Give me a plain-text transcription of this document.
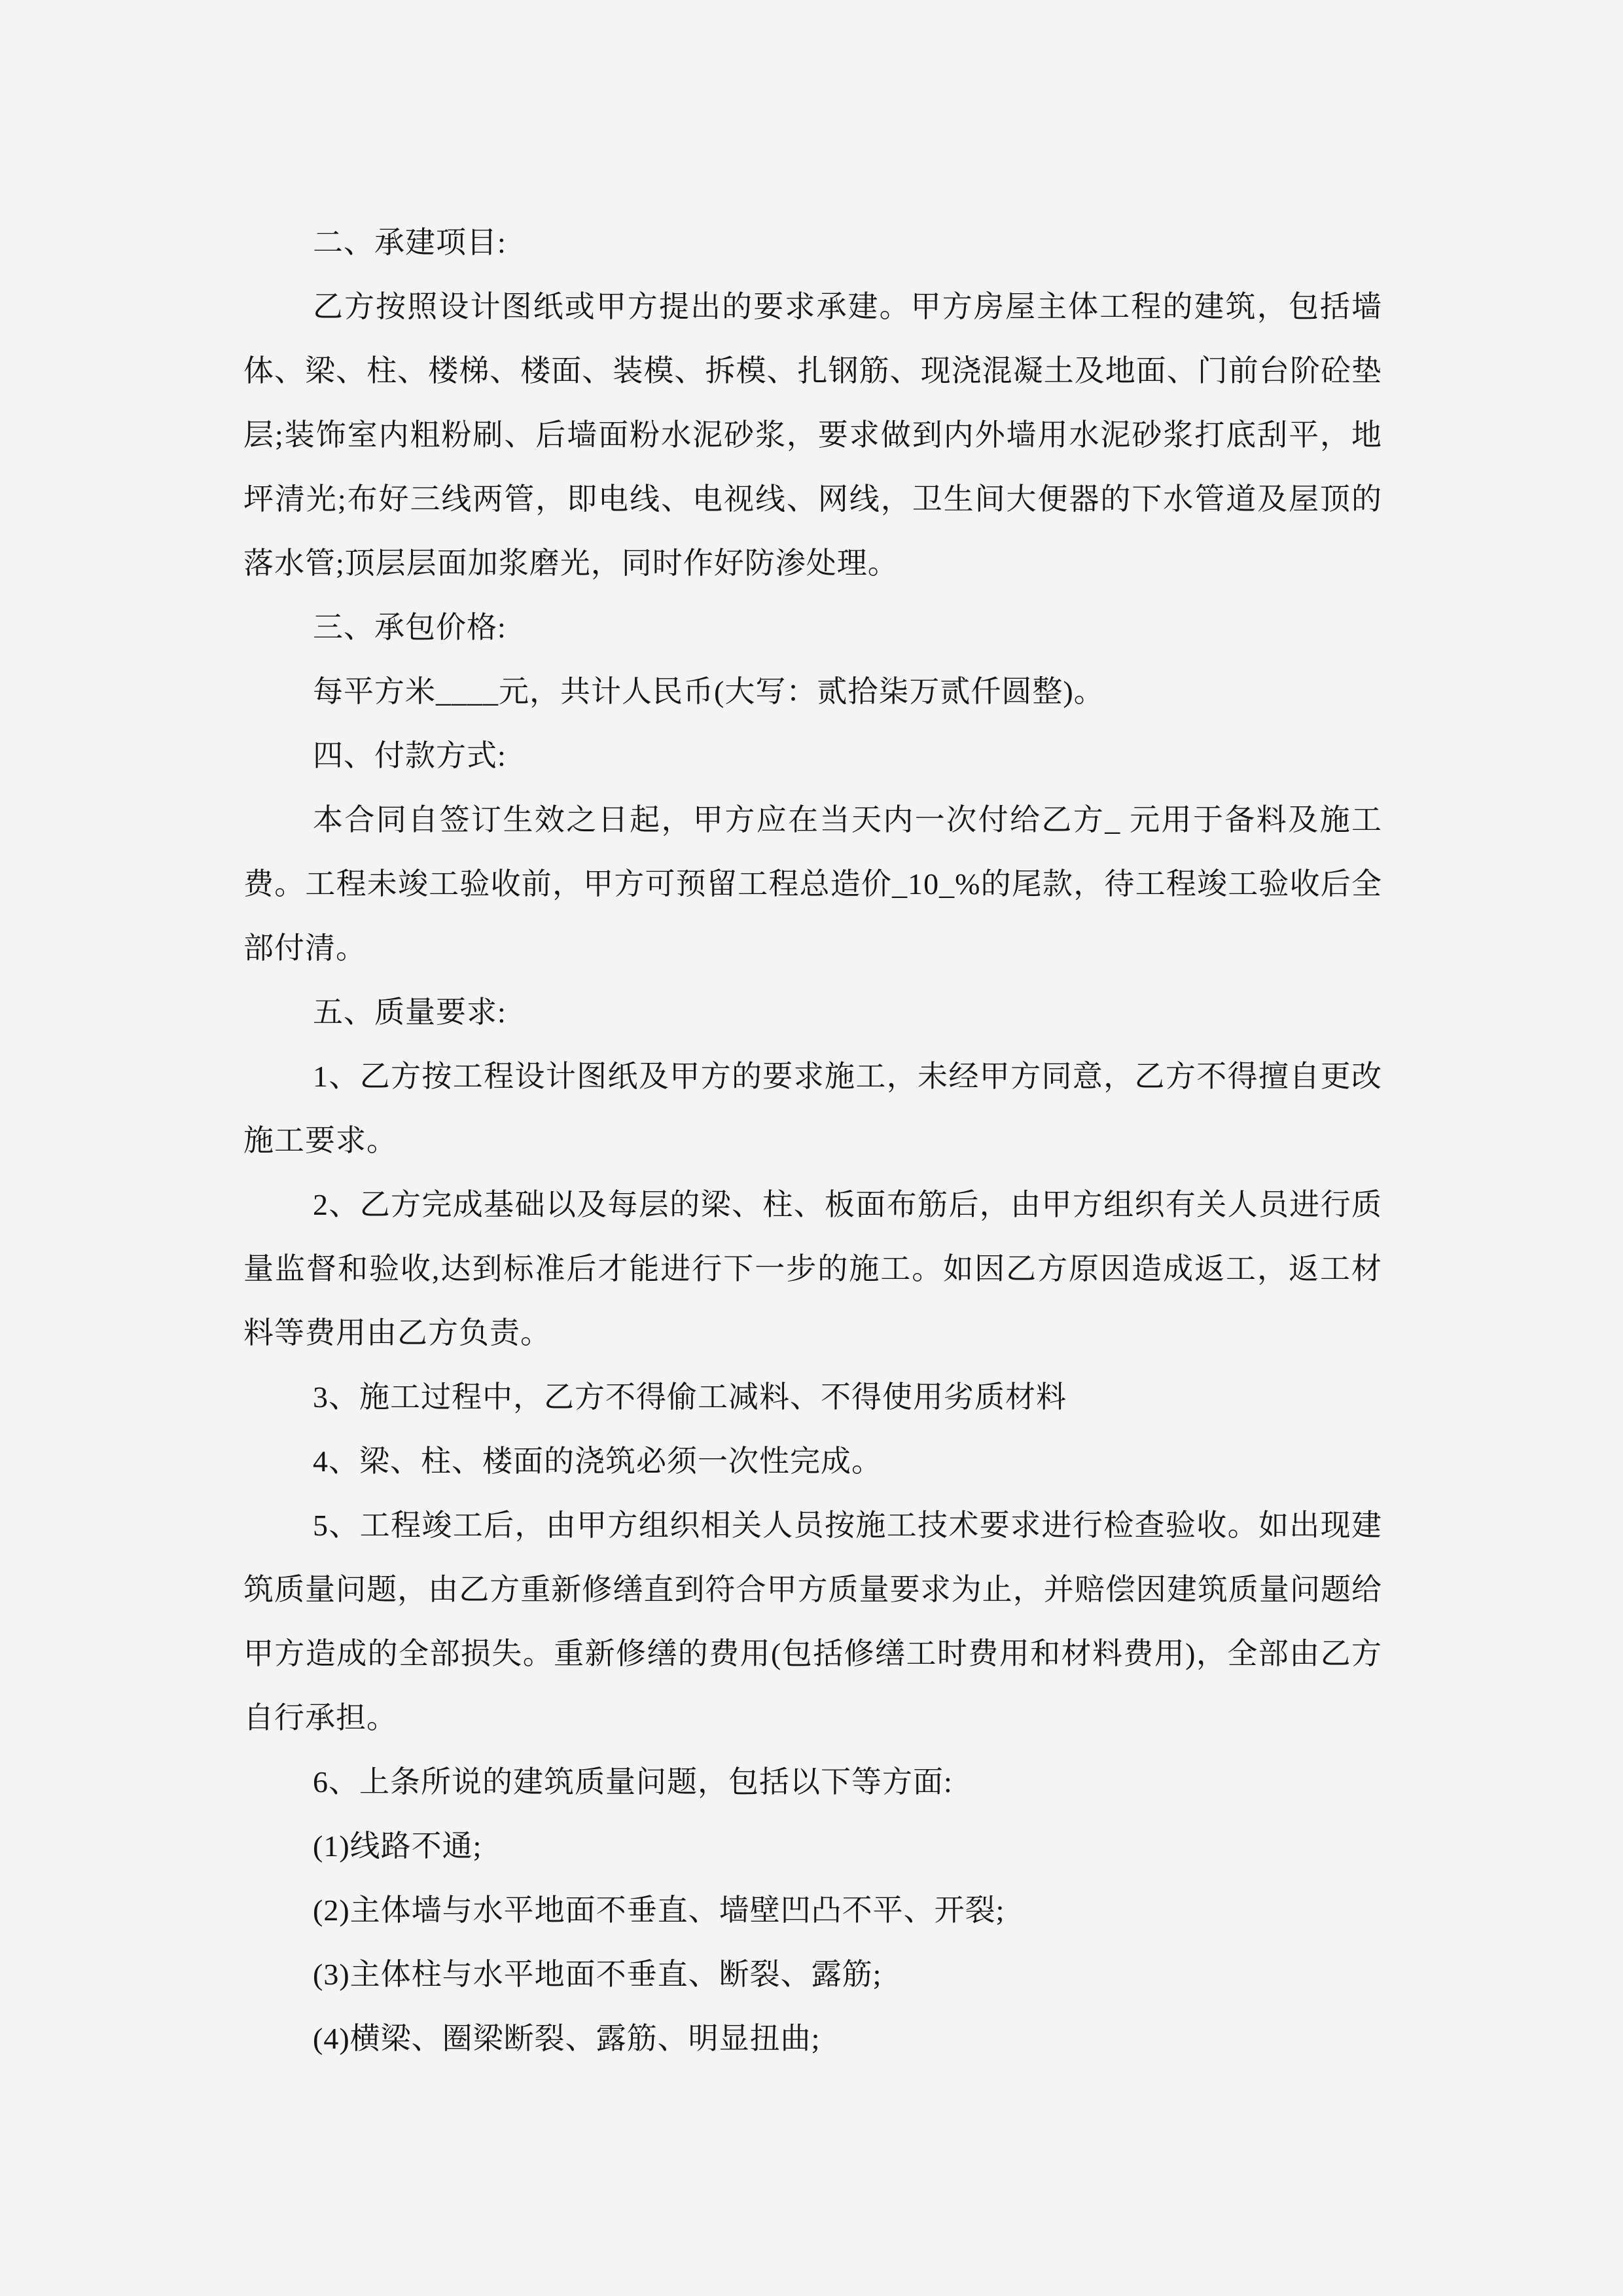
二、承建项目:

乙方按照设计图纸或甲方提出的要求承建。甲方房屋主体工程的建筑，包括墙体、梁、柱、楼梯、楼面、装模、拆模、扎钢筋、现浇混凝土及地面、门前台阶砼垫层;装饰室内粗粉刷、后墙面粉水泥砂浆，要求做到内外墙用水泥砂浆打底刮平，地坪清光;布好三线两管，即电线、电视线、网线，卫生间大便器的下水管道及屋顶的落水管;顶层层面加浆磨光，同时作好防渗处理。

三、承包价格:

每平方米____元，共计人民币(大写：贰拾柒万贰仟圆整)。

四、付款方式:

本合同自签订生效之日起，甲方应在当天内一次付给乙方_ 元用于备料及施工费。工程未竣工验收前，甲方可预留工程总造价_10_%的尾款，待工程竣工验收后全部付清。

五、质量要求:

1、乙方按工程设计图纸及甲方的要求施工，未经甲方同意，乙方不得擅自更改施工要求。

2、乙方完成基础以及每层的梁、柱、板面布筋后，由甲方组织有关人员进行质量监督和验收,达到标准后才能进行下一步的施工。如因乙方原因造成返工，返工材料等费用由乙方负责。

3、施工过程中，乙方不得偷工减料、不得使用劣质材料

4、梁、柱、楼面的浇筑必须一次性完成。

5、工程竣工后，由甲方组织相关人员按施工技术要求进行检查验收。如出现建筑质量问题，由乙方重新修缮直到符合甲方质量要求为止，并赔偿因建筑质量问题给甲方造成的全部损失。重新修缮的费用(包括修缮工时费用和材料费用)，全部由乙方自行承担。

6、上条所说的建筑质量问题，包括以下等方面:

(1)线路不通;

(2)主体墙与水平地面不垂直、墙壁凹凸不平、开裂;

(3)主体柱与水平地面不垂直、断裂、露筋;

(4)横梁、圈梁断裂、露筋、明显扭曲;
